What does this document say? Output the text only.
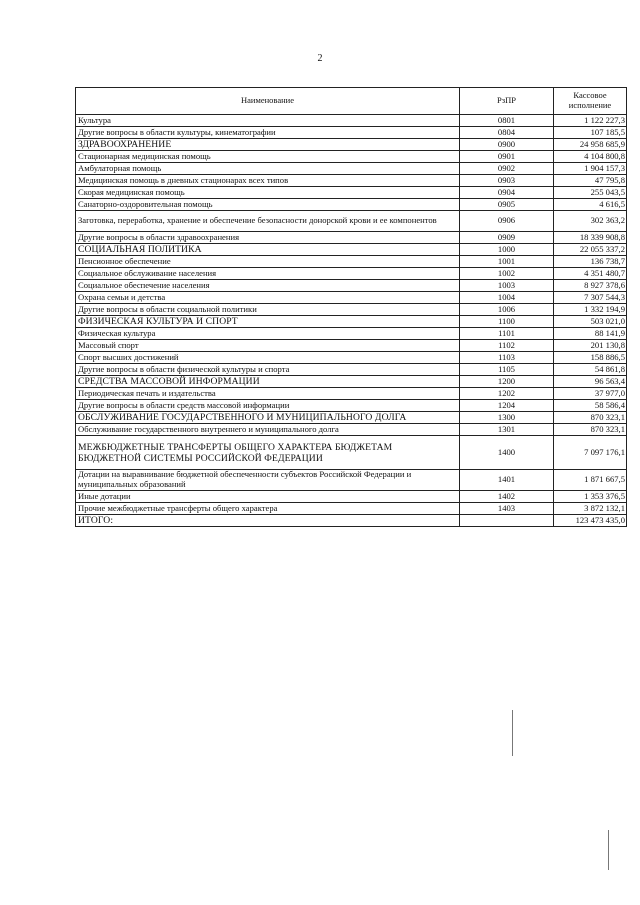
2
Наименование	РзПР	Кассовое исполнение
Культура	0801	1 122 227,3
Другие вопросы в области культуры, кинематографии	0804	107 185,5
ЗДРАВООХРАНЕНИЕ	0900	24 958 685,9
Стационарная медицинская помощь	0901	4 104 800,8
Амбулаторная помощь	0902	1 904 157,3
Медицинская помощь в дневных стационарах всех типов	0903	47 795,8
Скорая медицинская помощь	0904	255 043,5
Санаторно-оздоровительная помощь	0905	4 616,5
Заготовка, переработка, хранение и обеспечение безопасности донорской крови и ее компонентов	0906	302 363,2
Другие вопросы в области здравоохранения	0909	18 339 908,8
СОЦИАЛЬНАЯ ПОЛИТИКА	1000	22 055 337,2
Пенсионное обеспечение	1001	136 738,7
Социальное обслуживание населения	1002	4 351 480,7
Социальное обеспечение населения	1003	8 927 378,6
Охрана семьи и детства	1004	7 307 544,3
Другие вопросы в области социальной политики	1006	1 332 194,9
ФИЗИЧЕСКАЯ КУЛЬТУРА И СПОРТ	1100	503 021,0
Физическая культура	1101	88 141,9
Массовый спорт	1102	201 130,8
Спорт высших достижений	1103	158 886,5
Другие вопросы в области физической культуры и спорта	1105	54 861,8
СРЕДСТВА МАССОВОЙ ИНФОРМАЦИИ	1200	96 563,4
Периодическая печать и издательства	1202	37 977,0
Другие вопросы в области средств массовой информации	1204	58 586,4
ОБСЛУЖИВАНИЕ ГОСУДАРСТВЕННОГО И МУНИЦИПАЛЬНОГО ДОЛГА	1300	870 323,1
Обслуживание государственного внутреннего и муниципального долга	1301	870 323,1
МЕЖБЮДЖЕТНЫЕ ТРАНСФЕРТЫ ОБЩЕГО ХАРАКТЕРА БЮДЖЕТАМ БЮДЖЕТНОЙ СИСТЕМЫ РОССИЙСКОЙ ФЕДЕРАЦИИ	1400	7 097 176,1
Дотации на выравнивание бюджетной обеспеченности субъектов Российской Федерации и муниципальных образований	1401	1 871 667,5
Иные дотации	1402	1 353 376,5
Прочие межбюджетные трансферты общего характера	1403	3 872 132,1
ИТОГО:		123 473 435,0
